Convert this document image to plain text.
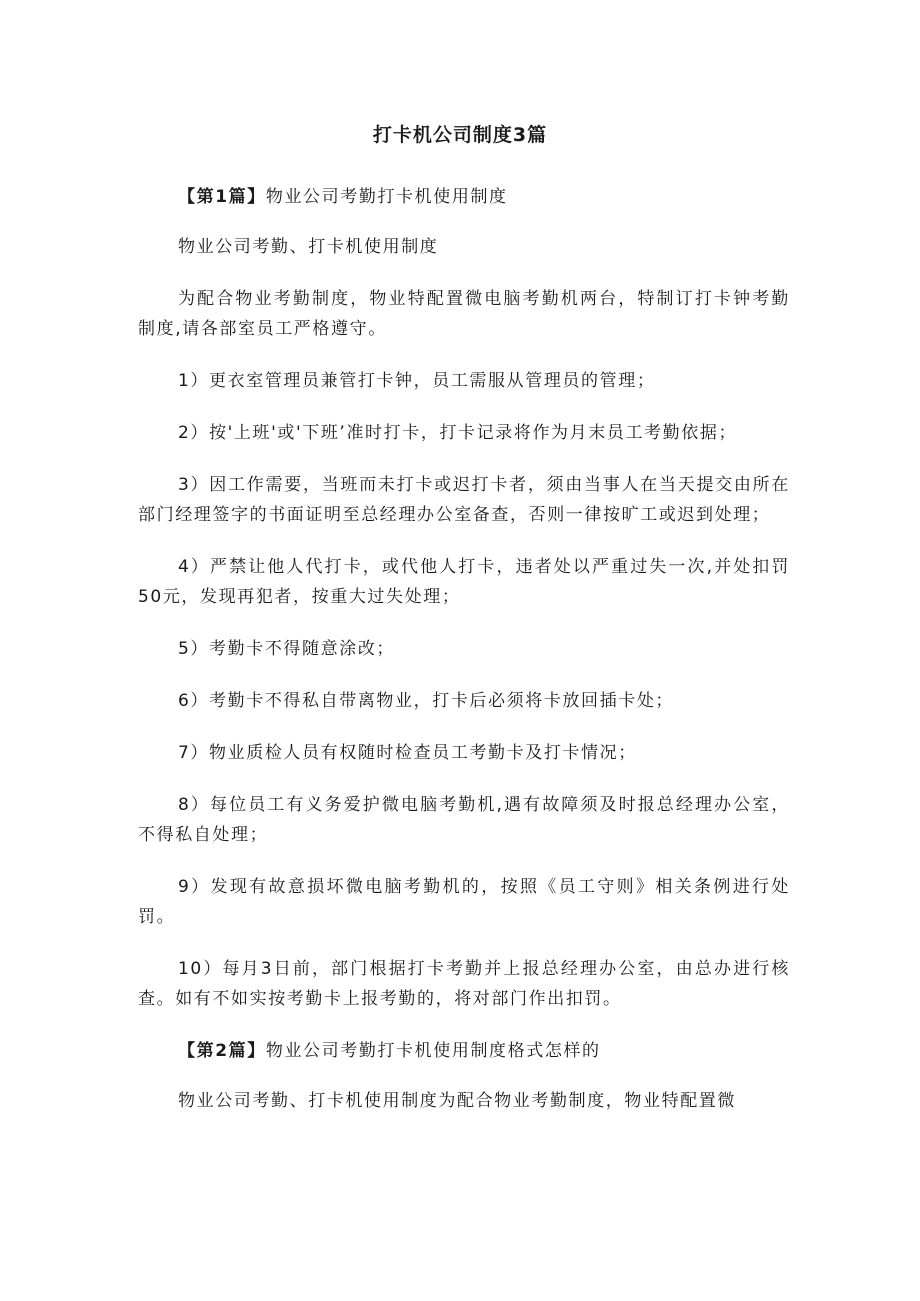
打卡机公司制度3篇

【第1篇】物业公司考勤打卡机使用制度

物业公司考勤、打卡机使用制度

为配合物业考勤制度，物业特配置微电脑考勤机两台，特制订打卡钟考勤制度,请各部室员工严格遵守。

1）更衣室管理员兼管打卡钟，员工需服从管理员的管理；

2）按'上班'或'下班’准时打卡，打卡记录将作为月末员工考勤依据；

3）因工作需要，当班而未打卡或迟打卡者，须由当事人在当天提交由所在部门经理签字的书面证明至总经理办公室备查，否则一律按旷工或迟到处理；

4）严禁让他人代打卡，或代他人打卡，违者处以严重过失一次,并处扣罚50元，发现再犯者，按重大过失处理；

5）考勤卡不得随意涂改；

6）考勤卡不得私自带离物业，打卡后必须将卡放回插卡处；

7）物业质检人员有权随时检查员工考勤卡及打卡情况；

8）每位员工有义务爱护微电脑考勤机,遇有故障须及时报总经理办公室，不得私自处理；

9）发现有故意损坏微电脑考勤机的，按照《员工守则》相关条例进行处罚。

10）每月3日前，部门根据打卡考勤并上报总经理办公室，由总办进行核查。如有不如实按考勤卡上报考勤的，将对部门作出扣罚。

【第2篇】物业公司考勤打卡机使用制度格式怎样的

物业公司考勤、打卡机使用制度为配合物业考勤制度，物业特配置微
